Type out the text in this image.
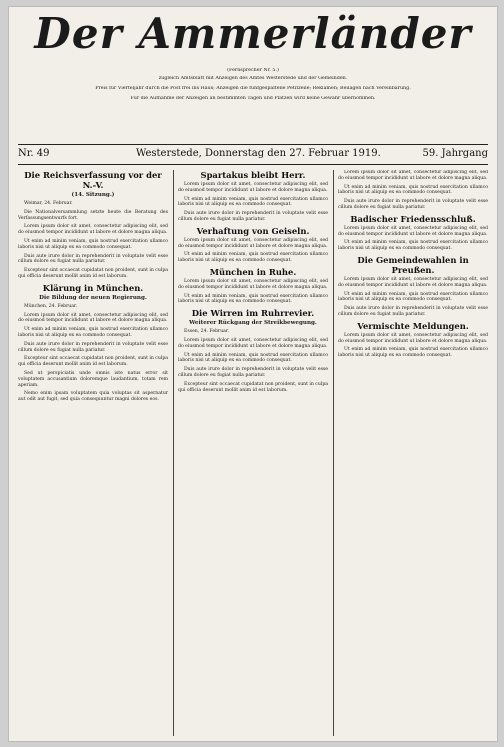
Der Ammerländer
(Fernsprecher Nr. 5.)
zugleich Amtsblatt mit Anzeigen des Amtes Westerstede und der Gemeinden.
Preis für Vierteljahr durch die Post frei ins Haus; Anzeigen die fünfgespaltene Petitzeile; Reklamen; Beilagen nach Vereinbarung.
Für die Aufnahme der Anzeigen an bestimmten Tagen und Plätzen wird keine Gewähr übernommen.
Nr. 49	Westerstede, Donnerstag den 27. Februar 1919.	59. Jahrgang
Die Reichsverfassung vor der N.-V.
(14. Sitzung.)

Weimar, 24. Februar.

Die Nationalversammlung setzte heute die Beratung des Verfassungsentwurfs fort.

Lorem ipsum dolor sit amet, consectetur adipiscing elit, sed do eiusmod tempor incididunt ut labore et dolore magna aliqua.

Ut enim ad minim veniam, quis nostrud exercitation ullamco laboris nisi ut aliquip ex ea commodo consequat.

Duis aute irure dolor in reprehenderit in voluptate velit esse cillum dolore eu fugiat nulla pariatur.

Excepteur sint occaecat cupidatat non proident, sunt in culpa qui officia deserunt mollit anim id est laborum.

Klärung in München.
Die Bildung der neuen Regierung.

München, 24. Februar.

Lorem ipsum dolor sit amet, consectetur adipiscing elit, sed do eiusmod tempor incididunt ut labore et dolore magna aliqua.

Ut enim ad minim veniam, quis nostrud exercitation ullamco laboris nisi ut aliquip ex ea commodo consequat.

Duis aute irure dolor in reprehenderit in voluptate velit esse cillum dolore eu fugiat nulla pariatur.

Excepteur sint occaecat cupidatat non proident, sunt in culpa qui officia deserunt mollit anim id est laborum.

Sed ut perspiciatis unde omnis iste natus error sit voluptatem accusantium doloremque laudantium, totam rem aperiam.

Nemo enim ipsam voluptatem quia voluptas sit aspernatur aut odit aut fugit, sed quia consequuntur magni dolores eos.

Spartakus bleibt Herr.

Lorem ipsum dolor sit amet, consectetur adipiscing elit, sed do eiusmod tempor incididunt ut labore et dolore magna aliqua.

Ut enim ad minim veniam, quis nostrud exercitation ullamco laboris nisi ut aliquip ex ea commodo consequat.

Duis aute irure dolor in reprehenderit in voluptate velit esse cillum dolore eu fugiat nulla pariatur.

Verhaftung von Geiseln.

Lorem ipsum dolor sit amet, consectetur adipiscing elit, sed do eiusmod tempor incididunt ut labore et dolore magna aliqua.

Ut enim ad minim veniam, quis nostrud exercitation ullamco laboris nisi ut aliquip ex ea commodo consequat.

München in Ruhe.

Lorem ipsum dolor sit amet, consectetur adipiscing elit, sed do eiusmod tempor incididunt ut labore et dolore magna aliqua.

Ut enim ad minim veniam, quis nostrud exercitation ullamco laboris nisi ut aliquip ex ea commodo consequat.

Die Wirren im Ruhrrevier.
Weiterer Rückgang der Streikbewegung.

Essen, 24. Februar.

Lorem ipsum dolor sit amet, consectetur adipiscing elit, sed do eiusmod tempor incididunt ut labore et dolore magna aliqua.

Ut enim ad minim veniam, quis nostrud exercitation ullamco laboris nisi ut aliquip ex ea commodo consequat.

Duis aute irure dolor in reprehenderit in voluptate velit esse cillum dolore eu fugiat nulla pariatur.

Excepteur sint occaecat cupidatat non proident, sunt in culpa qui officia deserunt mollit anim id est laborum.

Lorem ipsum dolor sit amet, consectetur adipiscing elit, sed do eiusmod tempor incididunt ut labore et dolore magna aliqua.

Ut enim ad minim veniam, quis nostrud exercitation ullamco laboris nisi ut aliquip ex ea commodo consequat.

Duis aute irure dolor in reprehenderit in voluptate velit esse cillum dolore eu fugiat nulla pariatur.

Badischer Friedensschluß.

Lorem ipsum dolor sit amet, consectetur adipiscing elit, sed do eiusmod tempor incididunt ut labore et dolore magna aliqua.

Ut enim ad minim veniam, quis nostrud exercitation ullamco laboris nisi ut aliquip ex ea commodo consequat.

Die Gemeindewahlen in Preußen.

Lorem ipsum dolor sit amet, consectetur adipiscing elit, sed do eiusmod tempor incididunt ut labore et dolore magna aliqua.

Ut enim ad minim veniam, quis nostrud exercitation ullamco laboris nisi ut aliquip ex ea commodo consequat.

Duis aute irure dolor in reprehenderit in voluptate velit esse cillum dolore eu fugiat nulla pariatur.

Vermischte Meldungen.

Lorem ipsum dolor sit amet, consectetur adipiscing elit, sed do eiusmod tempor incididunt ut labore et dolore magna aliqua.

Ut enim ad minim veniam, quis nostrud exercitation ullamco laboris nisi ut aliquip ex ea commodo consequat.
